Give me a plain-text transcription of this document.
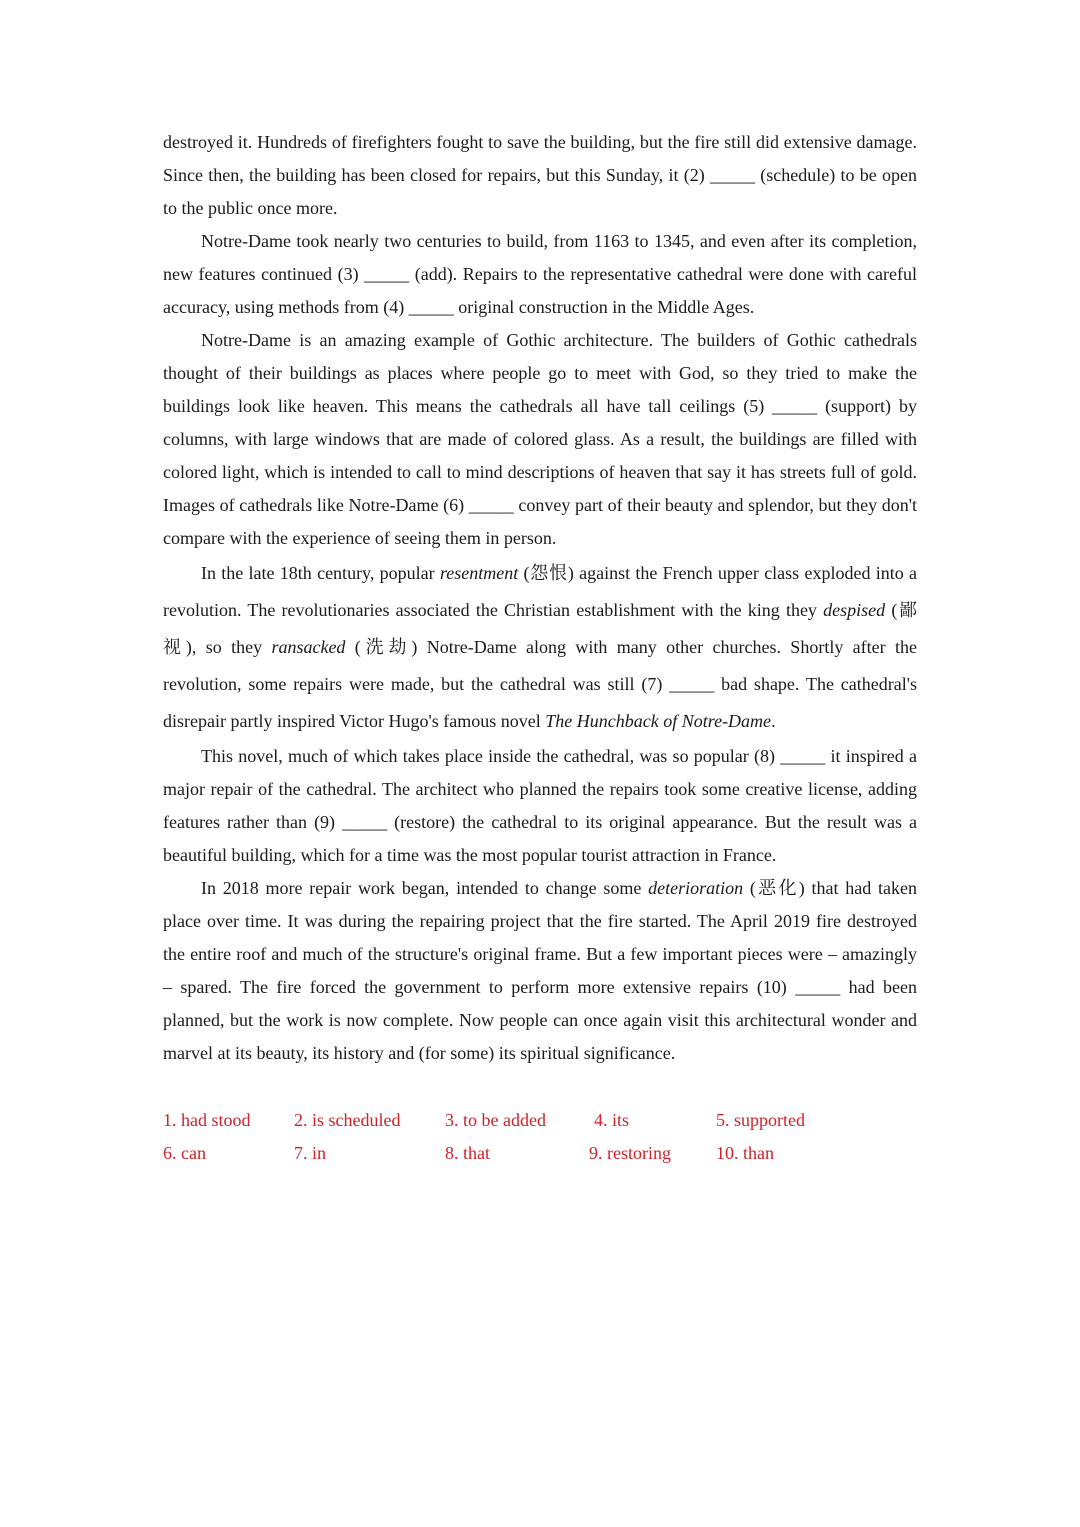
destroyed it. Hundreds of firefighters fought to save the building, but the fire still did extensive damage. Since then, the building has been closed for repairs, but this Sunday, it (2) _____ (schedule) to be open to the public once more.

Notre-Dame took nearly two centuries to build, from 1163 to 1345, and even after its completion, new features continued (3) _____ (add). Repairs to the representative cathedral were done with careful accuracy, using methods from (4) _____ original construction in the Middle Ages.

Notre-Dame is an amazing example of Gothic architecture. The builders of Gothic cathedrals thought of their buildings as places where people go to meet with God, so they tried to make the buildings look like heaven. This means the cathedrals all have tall ceilings (5) _____ (support) by columns, with large windows that are made of colored glass. As a result, the buildings are filled with colored light, which is intended to call to mind descriptions of heaven that say it has streets full of gold. Images of cathedrals like Notre-Dame (6) _____ convey part of their beauty and splendor, but they don't compare with the experience of seeing them in person.

In the late 18th century, popular resentment (怨恨) against the French upper class exploded into a revolution. The revolutionaries associated the Christian establishment with the king they despised (鄙视), so they ransacked (洗劫) Notre-Dame along with many other churches. Shortly after the revolution, some repairs were made, but the cathedral was still (7) _____ bad shape. The cathedral's disrepair partly inspired Victor Hugo's famous novel The Hunchback of Notre-Dame.

This novel, much of which takes place inside the cathedral, was so popular (8) _____ it inspired a major repair of the cathedral. The architect who planned the repairs took some creative license, adding features rather than (9) _____ (restore) the cathedral to its original appearance. But the result was a beautiful building, which for a time was the most popular tourist attraction in France.

In 2018 more repair work began, intended to change some deterioration (恶化) that had taken place over time. It was during the repairing project that the fire started. The April 2019 fire destroyed the entire roof and much of the structure's original frame. But a few important pieces were – amazingly – spared. The fire forced the government to perform more extensive repairs (10) _____ had been planned, but the work is now complete. Now people can once again visit this architectural wonder and marvel at its beauty, its history and (for some) its spiritual significance.

1. had stood	2. is scheduled	3. to be added	4. its	5. supported
6. can	7. in	8. that	9. restoring	10. than
